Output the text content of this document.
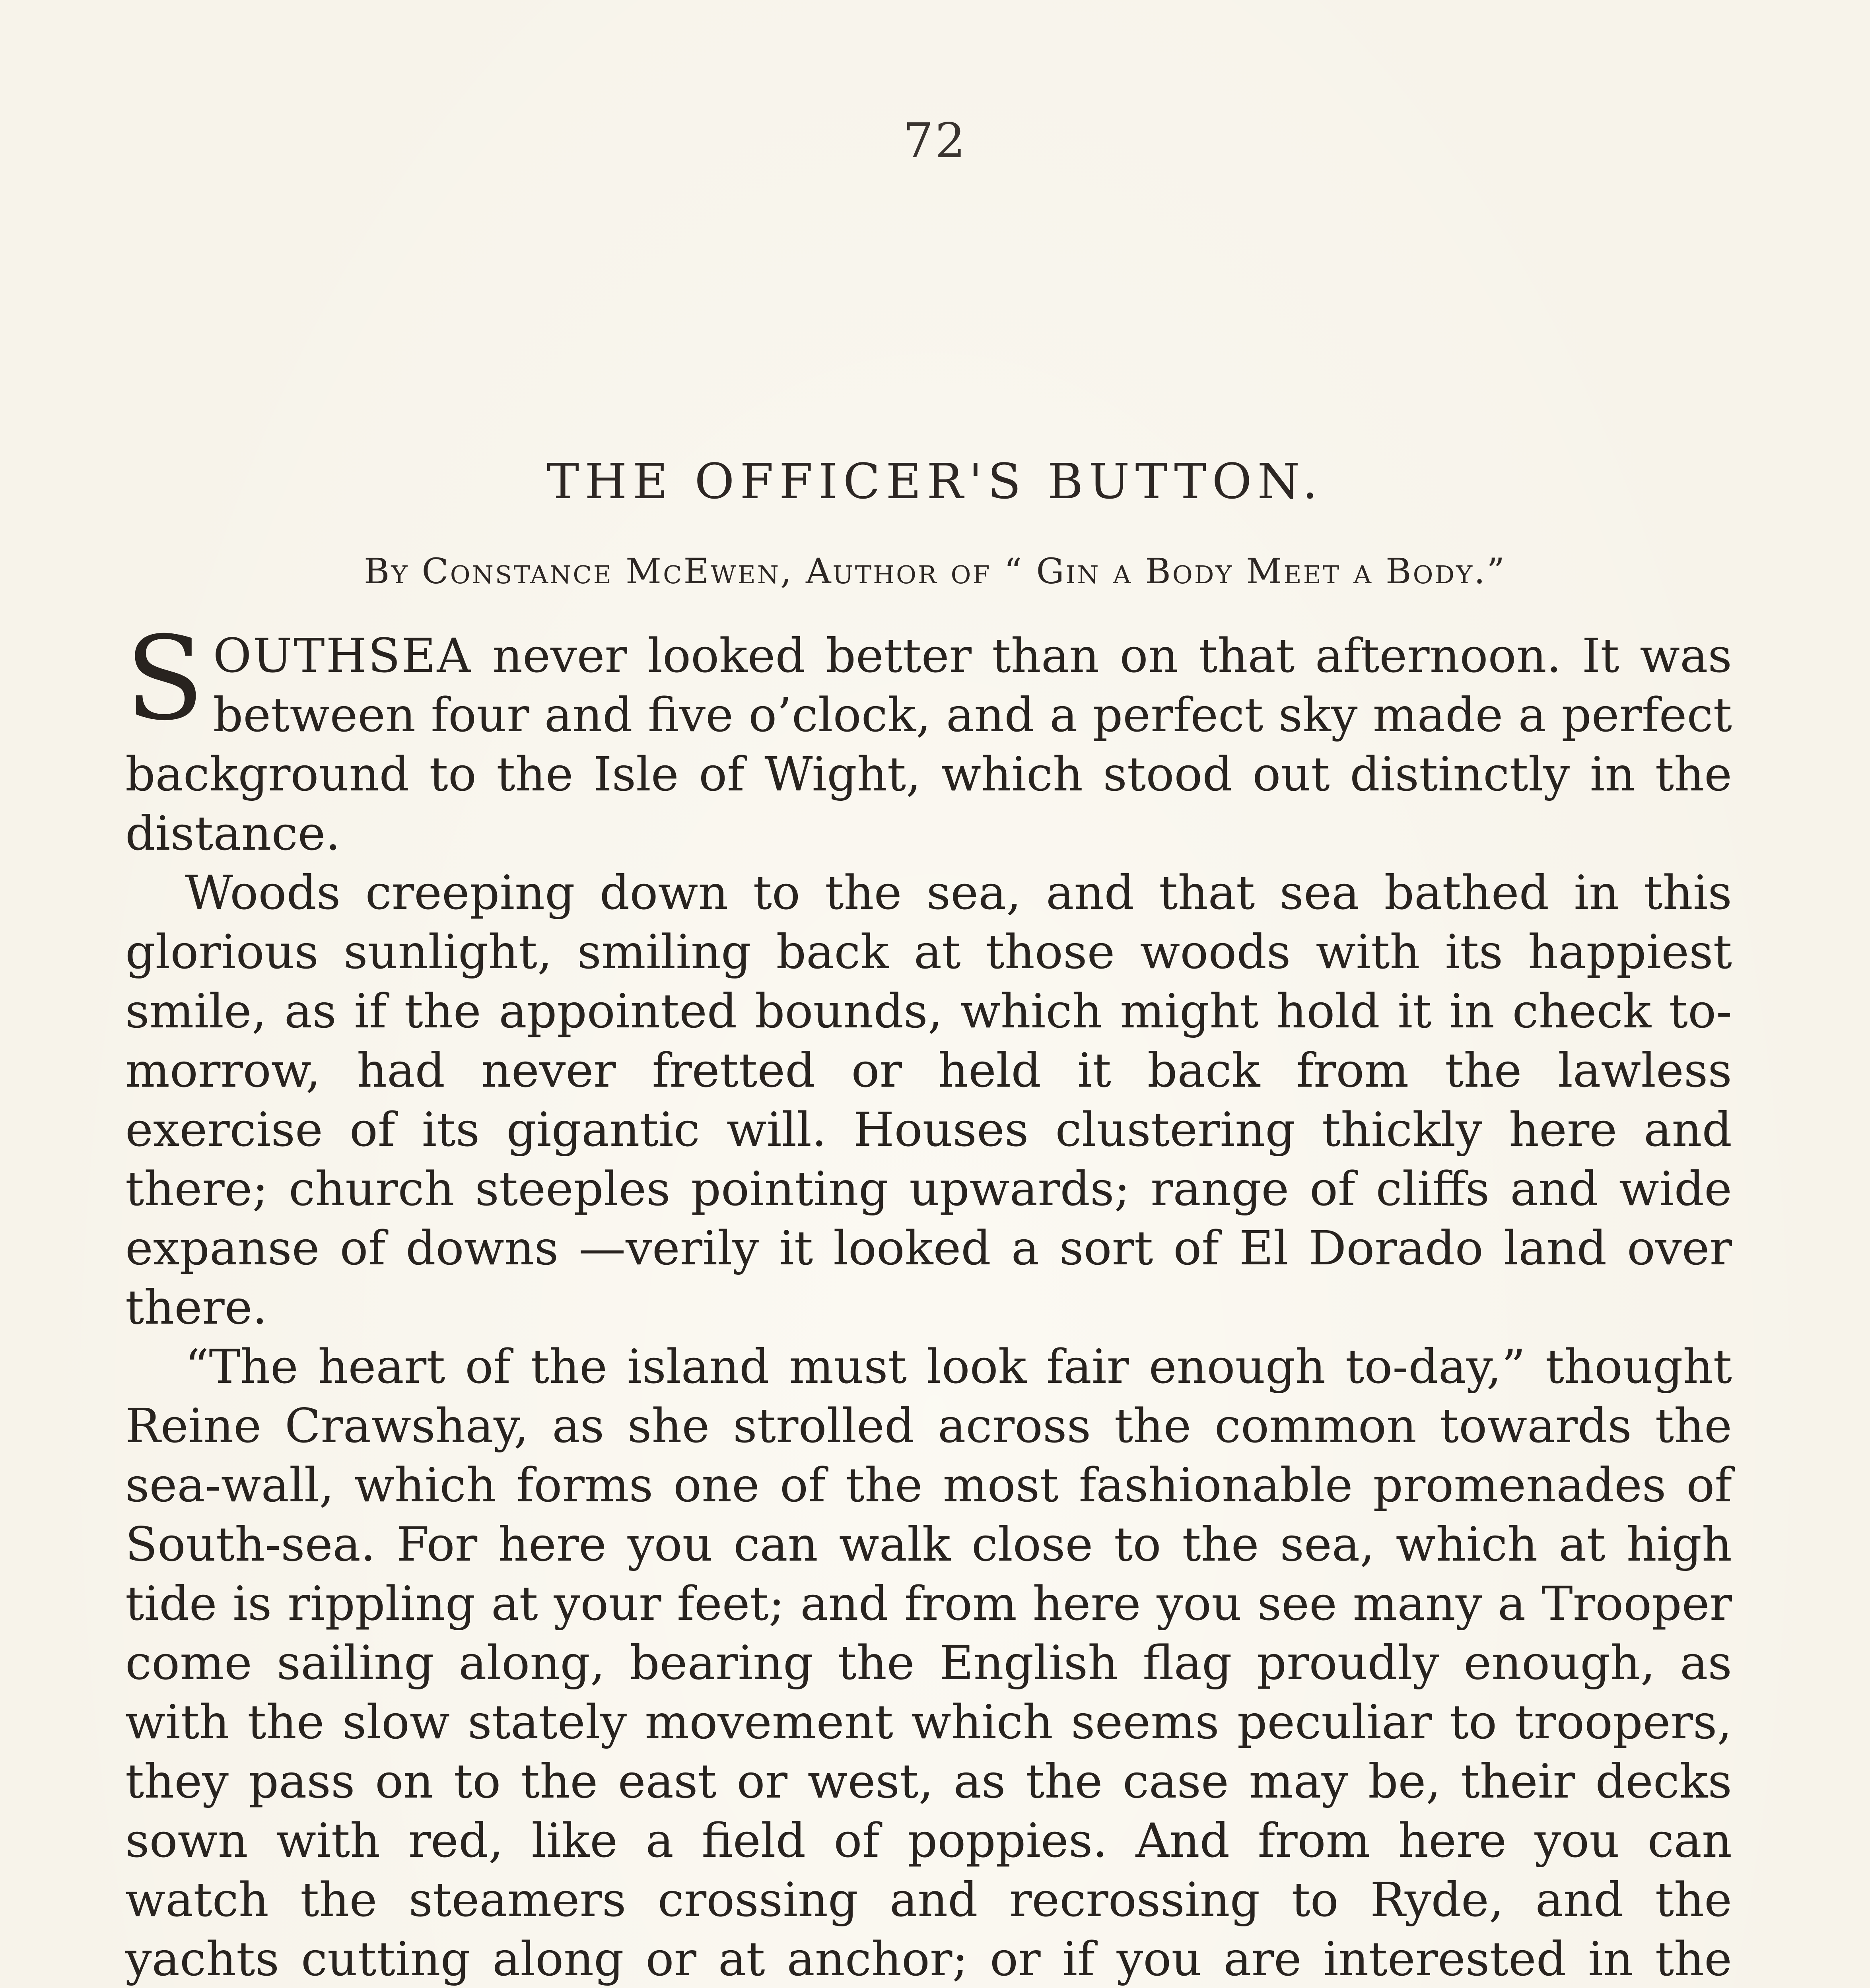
72
THE OFFICER'S BUTTON.
By Constance McEwen, Author of “ Gin a Body Meet a Body.”

SOUTHSEA never looked better than on that afternoon. It was between four and five o’clock, and a perfect sky made a perfect background to the Isle of Wight, which stood out distinctly in the distance.

Woods creeping down to the sea, and that sea bathed in this glorious sunlight, smiling back at those woods with its happiest smile, as if the appointed bounds, which might hold it in check to-morrow, had never fretted or held it back from the lawless exercise of its gigantic will. Houses clustering thickly here and there; church steeples pointing upwards; range of cliffs and wide expanse of downs —verily it looked a sort of El Dorado land over there.

“The heart of the island must look fair enough to-day,” thought Reine Crawshay, as she strolled across the common towards the sea-wall, which forms one of the most fashionable promenades of South-sea. For here you can walk close to the sea, which at high tide is rippling at your feet; and from here you see many a Trooper come sailing along, bearing the English flag proudly enough, as with the slow stately movement which seems peculiar to troopers, they pass on to the east or west, as the case may be, their decks sown with red, like a field of poppies. And from here you can watch the steamers crossing and recrossing to Ryde, and the yachts cutting along or at anchor; or if you are interested in the
